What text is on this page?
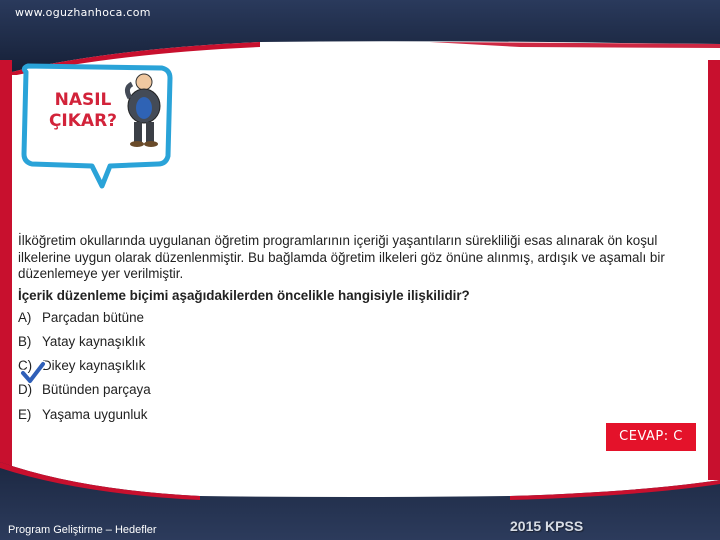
www.oguzhanhoca.com
NASIL
ÇIKAR?

İlköğretim okullarında uygulanan öğretim programlarının içeriği yaşantıların sürekliliği esas alınarak ön koşul ilkelerine uygun olarak düzenlenmiştir. Bu bağlamda öğretim ilkeleri göz önüne alınmış, ardışık ve aşamalı bir düzenlemeye yer verilmiştir.

İçerik düzenleme biçimi aşağıdakilerden öncelikle hangisiyle ilişkilidir?
A) Parçadan bütüne
B) Yatay kaynaşıklık
C) Dikey kaynaşıklık
D) Bütünden parçaya
E) Yaşama uygunluk
CEVAP: C
Program Geliştirme – Hedefler	2015 KPSS
